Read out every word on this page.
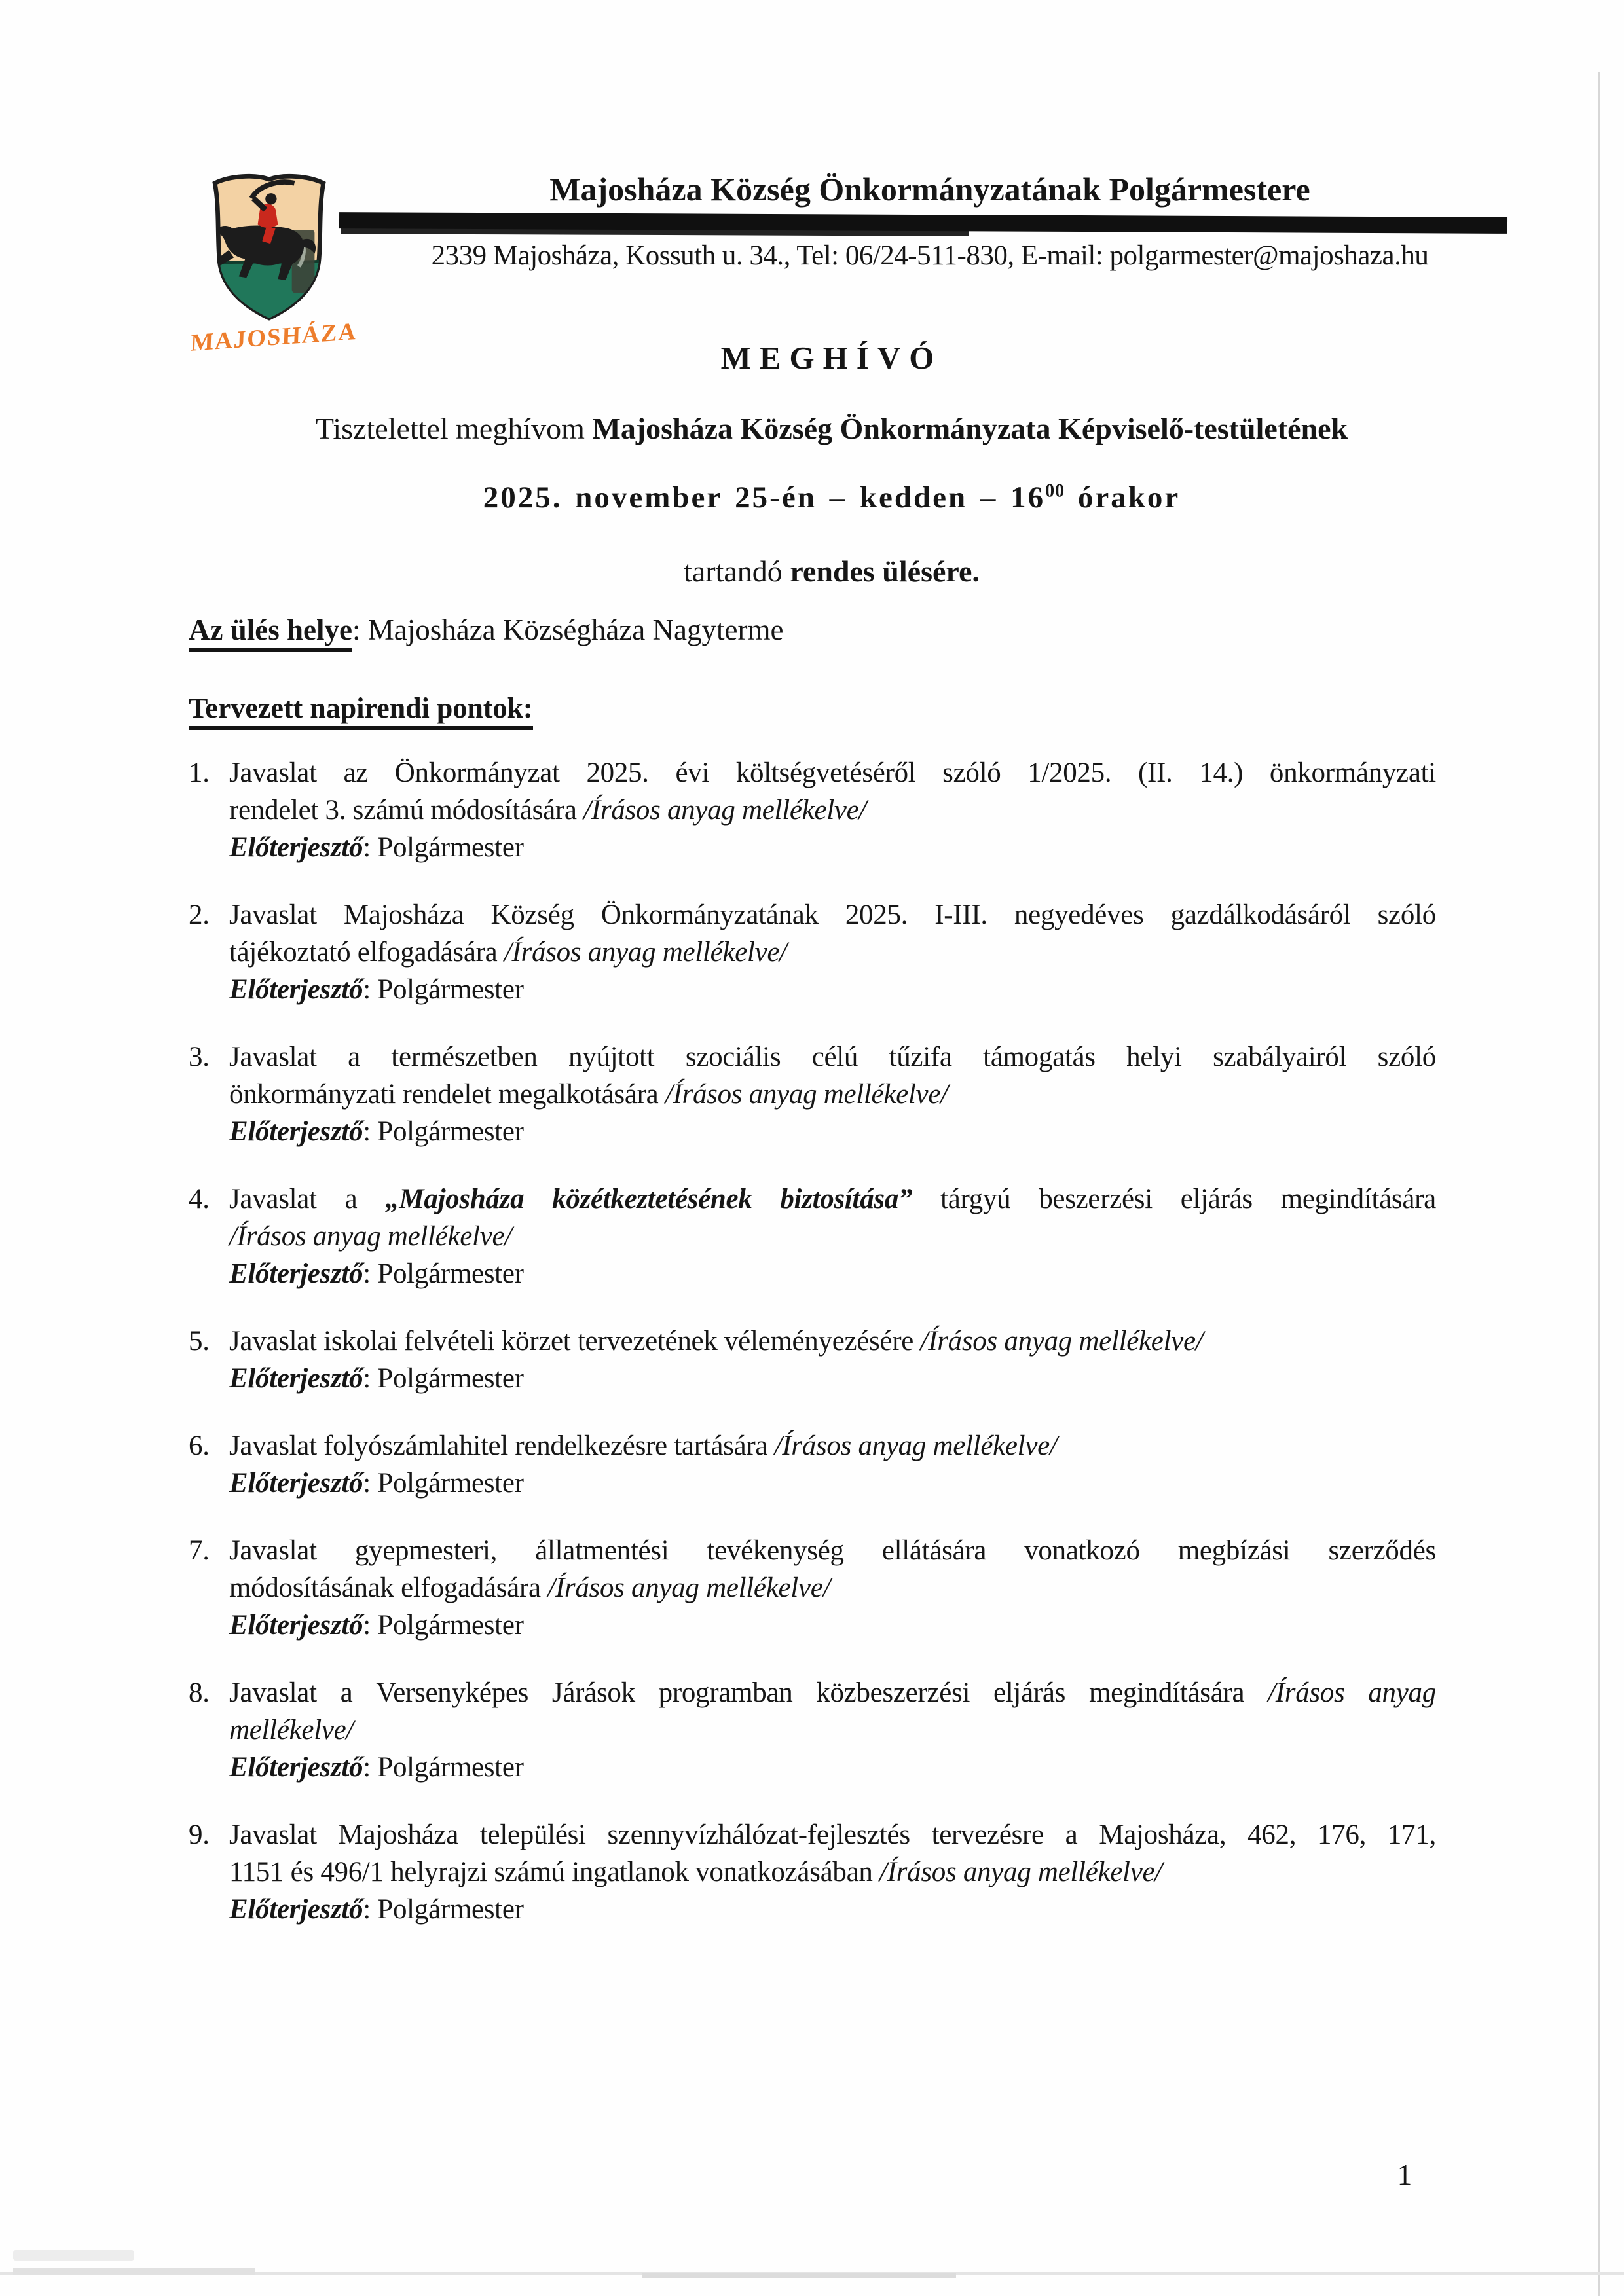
MAJOSHÁZA
Majosháza Község Önkormányzatának Polgármestere
2339 Majosháza, Kossuth u. 34., Tel: 06/24-511-830, E-mail: polgarmester@majoshaza.hu
MEGHÍVÓ
Tisztelettel meghívom Majosháza Község Önkormányzata Képviselő-testületének
2025. november 25-én – kedden – $16^{00}$ órakor
tartandó rendes ülésére.
Az ülés helye: Majosháza Községháza Nagyterme
Tervezett napirendi pontok:
1. Javaslat az Önkormányzat 2025. évi költségvetéséről szóló 1/2025. (II. 14.) önkormányzati
rendelet 3. számú módosítására /Írásos anyag mellékelve/
Előterjesztő: Polgármester
2. Javaslat Majosháza Község Önkormányzatának 2025. I-III. negyedéves gazdálkodásáról szóló
tájékoztató elfogadására /Írásos anyag mellékelve/
Előterjesztő: Polgármester
3. Javaslat a természetben nyújtott szociális célú tűzifa támogatás helyi szabályairól szóló
önkormányzati rendelet megalkotására /Írásos anyag mellékelve/
Előterjesztő: Polgármester
4. Javaslat a „Majosháza közétkeztetésének biztosítása” tárgyú beszerzési eljárás megindítására
/Írásos anyag mellékelve/
Előterjesztő: Polgármester
5. Javaslat iskolai felvételi körzet tervezetének véleményezésére /Írásos anyag mellékelve/
Előterjesztő: Polgármester
6. Javaslat folyószámlahitel rendelkezésre tartására /Írásos anyag mellékelve/
Előterjesztő: Polgármester
7. Javaslat gyepmesteri, állatmentési tevékenység ellátására vonatkozó megbízási szerződés
módosításának elfogadására /Írásos anyag mellékelve/
Előterjesztő: Polgármester
8. Javaslat a Versenyképes Járások programban közbeszerzési eljárás megindítására /Írásos anyag
mellékelve/
Előterjesztő: Polgármester
9. Javaslat Majosháza települési szennyvízhálózat-fejlesztés tervezésre a Majosháza, 462, 176, 171,
1151 és 496/1 helyrajzi számú ingatlanok vonatkozásában /Írásos anyag mellékelve/
Előterjesztő: Polgármester
1
